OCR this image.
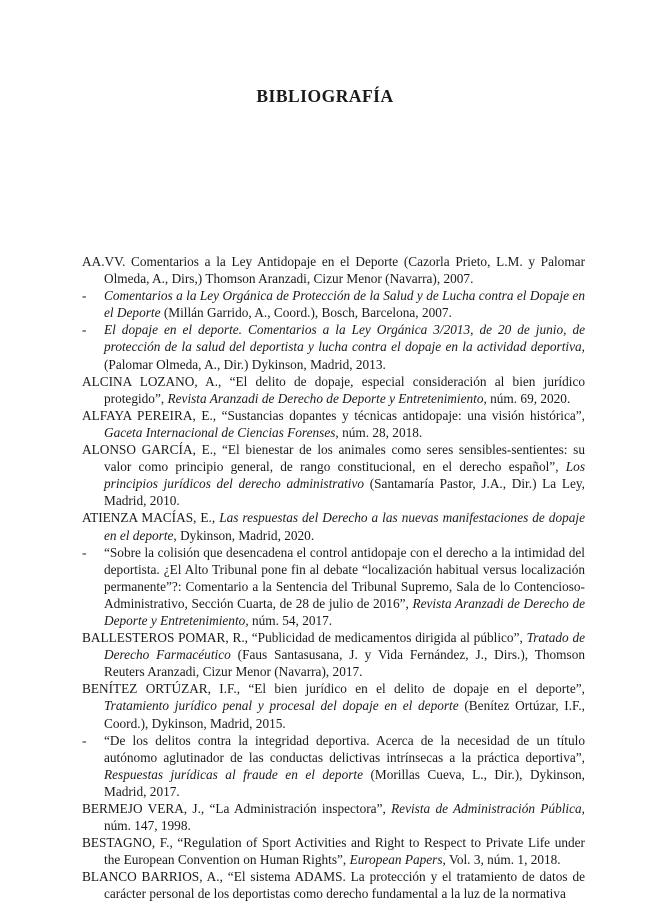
BIBLIOGRAFÍA

AA.VV. Comentarios a la Ley Antidopaje en el Deporte (Cazorla Prieto, L.M. y Palomar Olmeda, A., Dirs,) Thomson Aranzadi, Cizur Menor (Navarra), 2007.

-	Comentarios a la Ley Orgánica de Protección de la Salud y de Lucha contra el Dopaje en el Deporte (Millán Garrido, A., Coord.), Bosch, Barcelona, 2007.

-	El dopaje en el deporte. Comentarios a la Ley Orgánica 3/2013, de 20 de junio, de protección de la salud del deportista y lucha contra el dopaje en la actividad deportiva, (Palomar Olmeda, A., Dir.) Dykinson, Madrid, 2013.

ALCINA LOZANO, A., “El delito de dopaje, especial consideración al bien jurídico protegido”, Revista Aranzadi de Derecho de Deporte y Entretenimiento, núm. 69, 2020.

ALFAYA PEREIRA, E., “Sustancias dopantes y técnicas antidopaje: una visión histórica”, Gaceta Internacional de Ciencias Forenses, núm. 28, 2018.

ALONSO GARCÍA, E., “El bienestar de los animales como seres sensibles-sentientes: su valor como principio general, de rango constitucional, en el derecho español”, Los principios jurídicos del derecho administrativo (Santamaría Pastor, J.A., Dir.) La Ley, Madrid, 2010.

ATIENZA MACÍAS, E., Las respuestas del Derecho a las nuevas manifestaciones de dopaje en el deporte, Dykinson, Madrid, 2020.

-	“Sobre la colisión que desencadena el control antidopaje con el derecho a la intimidad del deportista. ¿El Alto Tribunal pone fin al debate “localización habitual versus localización permanente”?: Comentario a la Sentencia del Tribunal Supremo, Sala de lo Contencioso-Administrativo, Sección Cuarta, de 28 de julio de 2016”, Revista Aranzadi de Derecho de Deporte y Entretenimiento, núm. 54, 2017.

BALLESTEROS POMAR, R., “Publicidad de medicamentos dirigida al público”, Tratado de Derecho Farmacéutico (Faus Santasusana, J. y Vida Fernández, J., Dirs.), Thomson Reuters Aranzadi, Cizur Menor (Navarra), 2017.

BENÍTEZ ORTÚZAR, I.F., “El bien jurídico en el delito de dopaje en el deporte”, Tratamiento jurídico penal y procesal del dopaje en el deporte (Benítez Ortúzar, I.F., Coord.), Dykinson, Madrid, 2015.

-	“De los delitos contra la integridad deportiva. Acerca de la necesidad de un título autónomo aglutinador de las conductas delictivas intrínsecas a la práctica deportiva”, Respuestas jurídicas al fraude en el deporte (Morillas Cueva, L., Dir.), Dykinson, Madrid, 2017.

BERMEJO VERA, J., “La Administración inspectora”, Revista de Administración Pública, núm. 147, 1998.

BESTAGNO, F., “Regulation of Sport Activities and Right to Respect to Private Life under the European Convention on Human Rights”, European Papers, Vol. 3, núm. 1, 2018.

BLANCO BARRIOS, A., “El sistema ADAMS. La protección y el tratamiento de datos de carácter personal de los deportistas como derecho fundamental a la luz de la normativa
